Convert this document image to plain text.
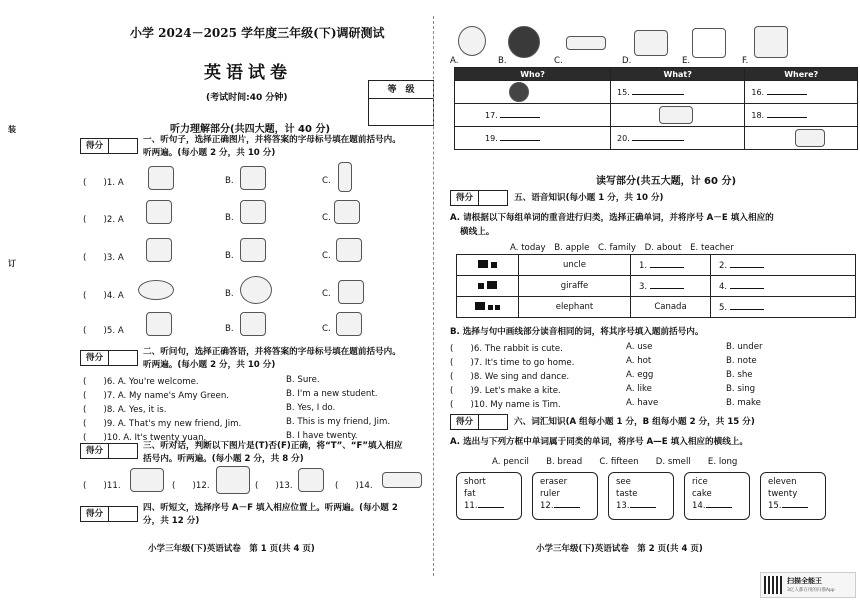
装
订
小学 2024－2025 学年度三年级(下)调研测试
英语试卷
(考试时间:40 分钟)
等　级
听力理解部分(共四大题，计 40 分)
得分
一、听句子，选择正确图片，并将答案的字母标号填在题前括号内。
听两遍。(每小题 2 分，共 10 分)
(　　)1. A	B.	C.
(　　)2. A	B.	C.
(　　)3. A	B.	C.
(　　)4. A	B.	C.
(　　)5. A	B.	C.
得分
二、听问句，选择正确答语，并将答案的字母标号填在题前括号内。
听两遍。(每小题 2 分，共 10 分)
(　　)6. A. You're welcome.	B. Sure.
(　　)7. A. My name's Amy Green.	B. I'm a new student.
(　　)8. A. Yes, it is.	B. Yes, I do.
(　　)9. A. That's my new friend, Jim.	B. This is my friend, Jim.
(　　)10. A. It's twenty yuan.	B. I have twenty.
得分	三、听对话，判断以下图片是(T)否(F)正确，将“T”、“F”填入相应
括号内。听两遍。(每小题 2 分，共 8 分)
(　　)11.	(　　)12.	(　　)13.	(　　)14.
得分
四、听短文，选择序号 A－F 填入相应位置上。听两遍。(每小题 2
分，共 12 分)
小学三年级(下)英语试卷　第 1 页(共 4 页)
A.	B.	C.	D.	E.	F.
Who?	What?	Where?

	15.	16.
17.		18.
19.	20.	
读写部分(共五大题，计 60 分)
得分	五、语音知识(每小题 1 分，共 10 分)
A. 请根据以下每组单词的重音进行归类，选择正确单词，并将序号 A－E 填入相应的
横线上。
A. today　B. apple　C. family　D. about　E. teacher
	uncle	1.	2.
	giraffe	3.	4.
	elephant	Canada	5.
B. 选择与句中画线部分读音相同的词，将其序号填入题前括号内。
(　　)6. The rabbit is cute.	A. use	B. under
(　　)7. It's time to go home.	A. hot	B. note
(　　)8. We sing and dance.	A. egg	B. she
(　　)9. Let's make a kite.	A. like	B. sing
(　　)10. My name is Tim.	A. have	B. make
得分	六、词汇知识(A 组每小题 1 分，B 组每小题 2 分，共 15 分)
A. 选出与下列方框中单词属于同类的单词，将序号 A—E 填入相应的横线上。
A. pencil　　B. bread　　C. fifteen　　D. smell　　E. long
short
fat
11.
eraser
ruler
12.
see
taste
13.
rice
cake
14.
eleven
twenty
15.
小学三年级(下)英语试卷　第 2 页(共 4 页)
扫描全能王
3亿人都在用的扫描App
